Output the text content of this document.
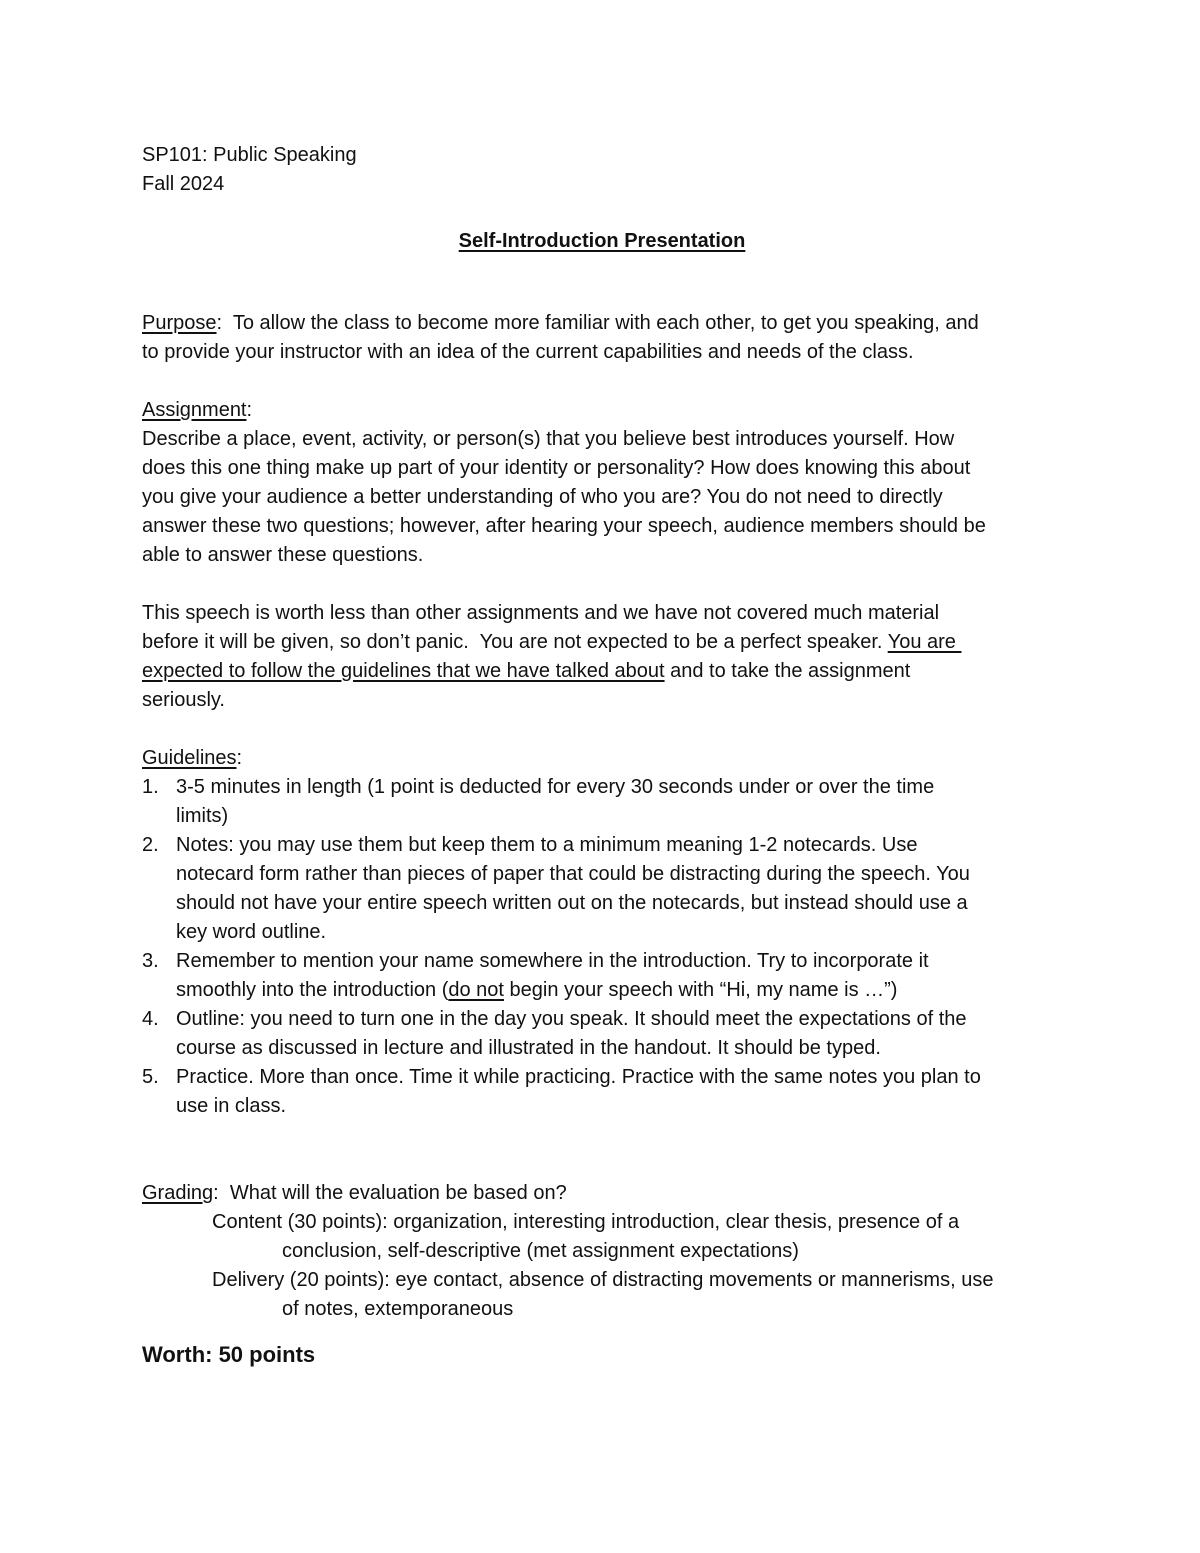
SP101: Public Speaking
Fall 2024
Self-Introduction Presentation
Purpose:  To allow the class to become more familiar with each other, to get you speaking, and
to provide your instructor with an idea of the current capabilities and needs of the class.
Assignment:
Describe a place, event, activity, or person(s) that you believe best introduces yourself. How
does this one thing make up part of your identity or personality? How does knowing this about
you give your audience a better understanding of who you are? You do not need to directly
answer these two questions; however, after hearing your speech, audience members should be
able to answer these questions.
This speech is worth less than other assignments and we have not covered much material
before it will be given, so don’t panic.  You are not expected to be a perfect speaker. You are
expected to follow the guidelines that we have talked about and to take the assignment
seriously.
Guidelines:
1. 3-5 minutes in length (1 point is deducted for every 30 seconds under or over the time
limits)
2. Notes: you may use them but keep them to a minimum meaning 1-2 notecards. Use
notecard form rather than pieces of paper that could be distracting during the speech. You
should not have your entire speech written out on the notecards, but instead should use a
key word outline.
3. Remember to mention your name somewhere in the introduction. Try to incorporate it
smoothly into the introduction (do not begin your speech with “Hi, my name is …”)
4. Outline: you need to turn one in the day you speak. It should meet the expectations of the
course as discussed in lecture and illustrated in the handout. It should be typed.
5. Practice. More than once. Time it while practicing. Practice with the same notes you plan to
use in class.
Grading:  What will the evaluation be based on?
Content (30 points): organization, interesting introduction, clear thesis, presence of a
conclusion, self-descriptive (met assignment expectations)
Delivery (20 points): eye contact, absence of distracting movements or mannerisms, use
of notes, extemporaneous
Worth: 50 points
